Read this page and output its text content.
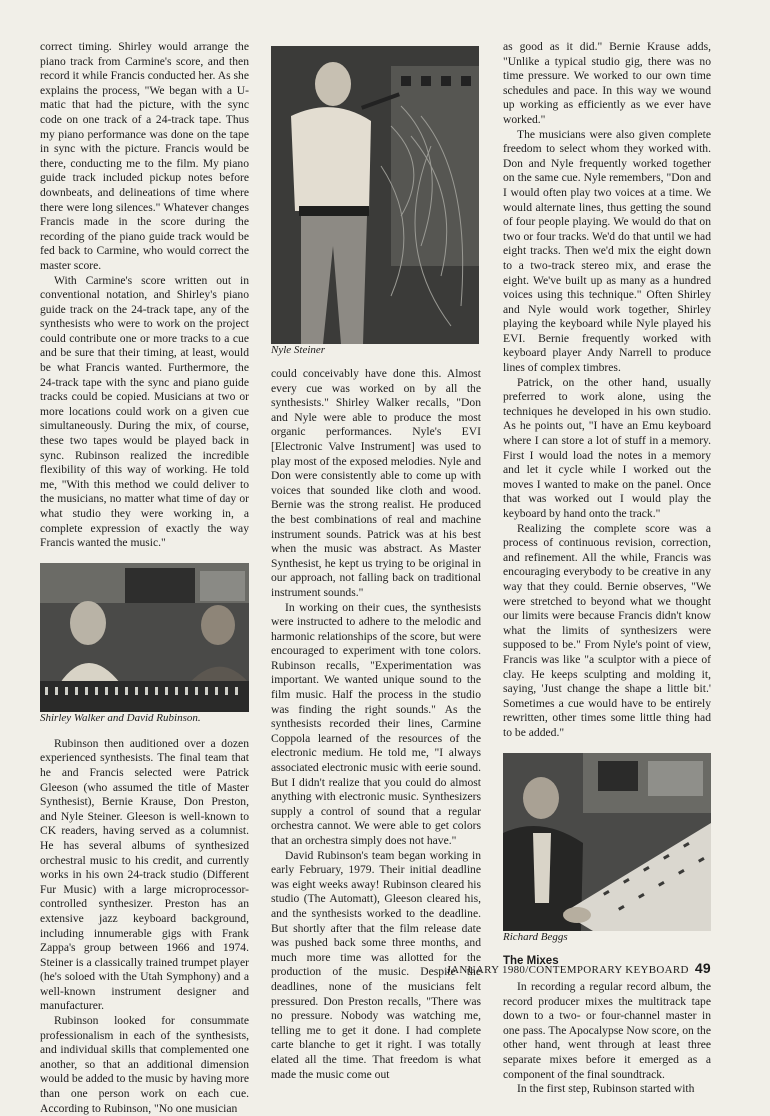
correct timing. Shirley would arrange the piano track from Carmine's score, and then record it while Francis conducted her. As she explains the process, "We began with a U-matic that had the picture, with the sync code on one track of a 24-track tape. Thus my piano performance was done on the tape in sync with the picture. Francis would be there, conducting me to the film. My piano guide track included pickup notes before downbeats, and delineations of time where there were long silences." Whatever changes Francis made in the score during the recording of the piano guide track would be fed back to Carmine, who would correct the master score.

With Carmine's score written out in conventional notation, and Shirley's piano guide track on the 24-track tape, any of the synthesists who were to work on the project could contribute one or more tracks to a cue and be sure that their timing, at least, would be what Francis wanted. Furthermore, the 24-track tape with the sync and piano guide tracks could be copied. Musicians at two or more locations could work on a given cue simultaneously. During the mix, of course, these two tapes would be played back in sync. Rubinson realized the incredible flexibility of this way of working. He told me, "With this method we could deliver to the musicians, no matter what time of day or what studio they were working in, a complete expression of exactly the way Francis wanted the music."

Shirley Walker and David Rubinson.

Rubinson then auditioned over a dozen experienced synthesists. The final team that he and Francis selected were Patrick Gleeson (who assumed the title of Master Synthesist), Bernie Krause, Don Preston, and Nyle Steiner. Gleeson is well-known to CK readers, having served as a columnist. He has several albums of synthesized orchestral music to his credit, and currently works in his own 24-track studio (Different Fur Music) with a large microprocessor-controlled synthesizer. Preston has an extensive jazz keyboard background, including innumerable gigs with Frank Zappa's group between 1966 and 1974. Steiner is a classically trained trumpet player (he's soloed with the Utah Symphony) and a well-known instrument designer and manufacturer.

Rubinson looked for consummate professionalism in each of the synthesists, and individual skills that complemented one another, so that an additional dimension would be added to the music by having more than one person work on each cue. According to Rubinson, "No one musician

Nyle Steiner

could conceivably have done this. Almost every cue was worked on by all the synthesists." Shirley Walker recalls, "Don and Nyle were able to produce the most organic performances. Nyle's EVI [Electronic Valve Instrument] was used to play most of the exposed melodies. Nyle and Don were consistently able to come up with voices that sounded like cloth and wood. Bernie was the strong realist. He produced the best combinations of real and machine instrument sounds. Patrick was at his best when the music was abstract. As Master Synthesist, he kept us trying to be original in our approach, not falling back on traditional instrument sounds."

In working on their cues, the synthesists were instructed to adhere to the melodic and harmonic relationships of the score, but were encouraged to experiment with tone colors. Rubinson recalls, "Experimentation was important. We wanted unique sound to the film music. Half the process in the studio was finding the right sounds." As the synthesists recorded their lines, Carmine Coppola learned of the resources of the electronic medium. He told me, "I always associated electronic music with eerie sound. But I didn't realize that you could do almost anything with electronic music. Synthesizers supply a control of sound that a regular orchestra cannot. We were able to get colors that an orchestra simply does not have."

David Rubinson's team began working in early February, 1979. Their initial deadline was eight weeks away! Rubinson cleared his studio (The Automatt), Gleeson cleared his, and the synthesists worked to the deadline. But shortly after that the film release date was pushed back some three months, and much more time was allotted for the production of the music. Despite the deadlines, none of the musicians felt pressured. Don Preston recalls, "There was no pressure. Nobody was watching me, telling me to get it done. I had complete carte blanche to get it right. I was totally elated all the time. That freedom is what made the music come out

as good as it did." Bernie Krause adds, "Unlike a typical studio gig, there was no time pressure. We worked to our own time schedules and pace. In this way we wound up working as efficiently as we ever have worked."

The musicians were also given complete freedom to select whom they worked with. Don and Nyle frequently worked together on the same cue. Nyle remembers, "Don and I would often play two voices at a time. We would alternate lines, thus getting the sound of four people playing. We would do that on two or four tracks. We'd do that until we had eight tracks. Then we'd mix the eight down to a two-track stereo mix, and erase the eight. We've built up as many as a hundred voices using this technique." Often Shirley and Nyle would work together, Shirley playing the keyboard while Nyle played his EVI. Bernie frequently worked with keyboard player Andy Narrell to produce lines of complex timbres.

Patrick, on the other hand, usually preferred to work alone, using the techniques he developed in his own studio. As he points out, "I have an Emu keyboard where I can store a lot of stuff in a memory. First I would load the notes in a memory and let it cycle while I worked out the moves I wanted to make on the panel. Once that was worked out I would play the keyboard by hand onto the track."

Realizing the complete score was a process of continuous revision, correction, and refinement. All the while, Francis was encouraging everybody to be creative in any way that they could. Bernie observes, "We were stretched to beyond what we thought our limits were because Francis didn't know what the limits of synthesizers were supposed to be." From Nyle's point of view, Francis was like "a sculptor with a piece of clay. He keeps sculpting and molding it, saying, 'Just change the shape a little bit.' Sometimes a cue would have to be entirely rewritten, other times some little thing had to be added."

Richard Beggs

The Mixes

In recording a regular record album, the record producer mixes the multitrack tape down to a two- or four-channel master in one pass. The Apocalypse Now score, on the other hand, went through at least three separate mixes before it emerged as a component of the final soundtrack.

In the first step, Rubinson started with

JANUARY 1980/CONTEMPORARY KEYBOARD 49
